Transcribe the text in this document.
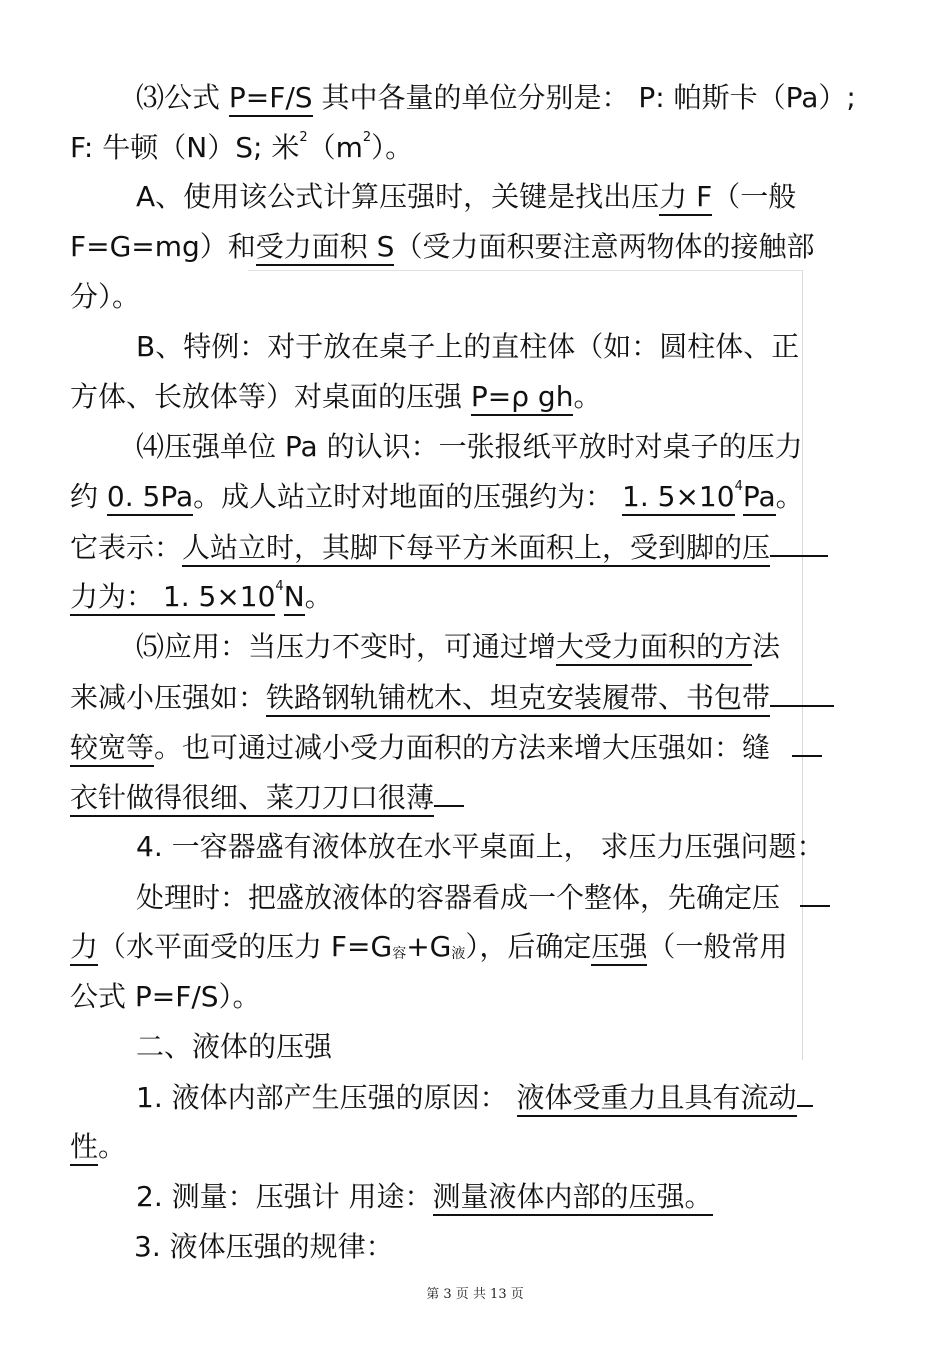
⑶公式 P=F/S 其中各量的单位分别是： P: 帕斯卡（Pa）;
F: 牛顿（N）S; 米$^2(m^2)$。
A、使用该公式计算压强时，关键是找出压力 F（一般
F=G=mg）和受力面积 S（受力面积要注意两物体的接触部
分）。
B、特例：对于放在桌子上的直柱体（如：圆柱体、正
方体、长放体等）对桌面的压强 P=ρ gh。
⑷压强单位 Pa 的认识：一张报纸平放时对桌子的压力
约 0. 5Pa。成人站立时对地面的压强约为： 1. $5\times 10^4Pa$。
它表示：人站立时，其脚下每平方米面积上，受到脚的压
力为： 1. $5\times 10^4N$。
⑸应用：当压力不变时，可通过增大受力面积的方法
来减小压强如：铁路钢轨铺枕木、坦克安装履带、书包带
较宽等。也可通过减小受力面积的方法来增大压强如：缝
衣针做得很细、菜刀刀口很薄
4. 一容器盛有液体放在水平桌面上， 求压力压强问题：
处理时：把盛放液体的容器看成一个整体，先确定压
力（水平面受的压力 $F=G_容+G_液$），后确定压强（一般常用
公式 P=F/S）。
二、液体的压强
1. 液体内部产生压强的原因： 液体受重力且具有流动
性。
2. 测量：压强计 用途：测量液体内部的压强。
3. 液体压强的规律：
第 3 页 共 13 页
